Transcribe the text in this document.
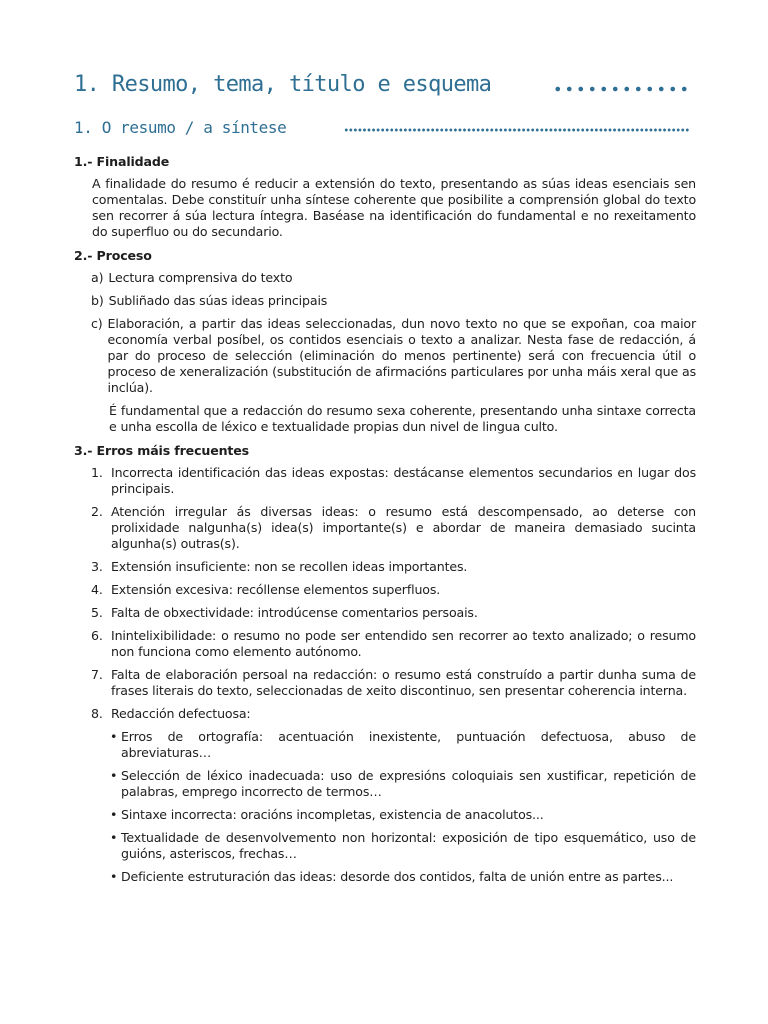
1. Resumo, tema, título e esquema
1. O resumo / a síntese
1.- Finalidade
A finalidade do resumo é reducir a extensión do texto, presentando as súas ideas esenciais sen comentalas. Debe constituír unha síntese coherente que posibilite a comprensión global do texto sen recorrer á súa lectura íntegra. Baséase na identificación do fundamental e no rexeitamento do superfluo ou do secundario.
2.- Proceso
a) Lectura comprensiva do texto
b) Subliñado das súas ideas principais
c) Elaboración, a partir das ideas seleccionadas, dun novo texto no que se expoñan, coa maior economía verbal posíbel, os contidos esenciais o texto a analizar. Nesta fase de redacción, á par do proceso de selección (eliminación do menos pertinente) será con frecuencia útil o proceso de xeneralización (substitución de afirmacións particulares por unha máis xeral que as inclúa).
É fundamental que a redacción do resumo sexa coherente, presentando unha sintaxe correcta e unha escolla de léxico e textualidade propias dun nivel de lingua culto.
3.- Erros máis frecuentes
1. Incorrecta identificación das ideas expostas: destácanse elementos secundarios en lugar dos principais.
2. Atención irregular ás diversas ideas: o resumo está descompensado, ao deterse con prolixidade nalgunha(s) idea(s) importante(s) e abordar de maneira demasiado sucinta algunha(s) outras(s).
3. Extensión insuficiente: non se recollen ideas importantes.
4. Extensión excesiva: recóllense elementos superfluos.
5. Falta de obxectividade: introdúcense comentarios persoais.
6. Inintelixibilidade: o resumo no pode ser entendido sen recorrer ao texto analizado; o resumo non funciona como elemento autónomo.
7. Falta de elaboración persoal na redacción: o resumo está construído a partir dunha suma de frases literais do texto, seleccionadas de xeito discontinuo, sen presentar coherencia interna.
8. Redacción defectuosa:
• Erros de ortografía: acentuación inexistente, puntuación defectuosa, abuso de abreviaturas…
• Selección de léxico inadecuada: uso de expresións coloquiais sen xustificar, repetición de palabras, emprego incorrecto de termos…
• Sintaxe incorrecta: oracións incompletas, existencia de anacolutos...
• Textualidade de desenvolvemento non horizontal: exposición de tipo esquemático, uso de guións, asteriscos, frechas…
• Deficiente estruturación das ideas: desorde dos contidos, falta de unión entre as partes...
